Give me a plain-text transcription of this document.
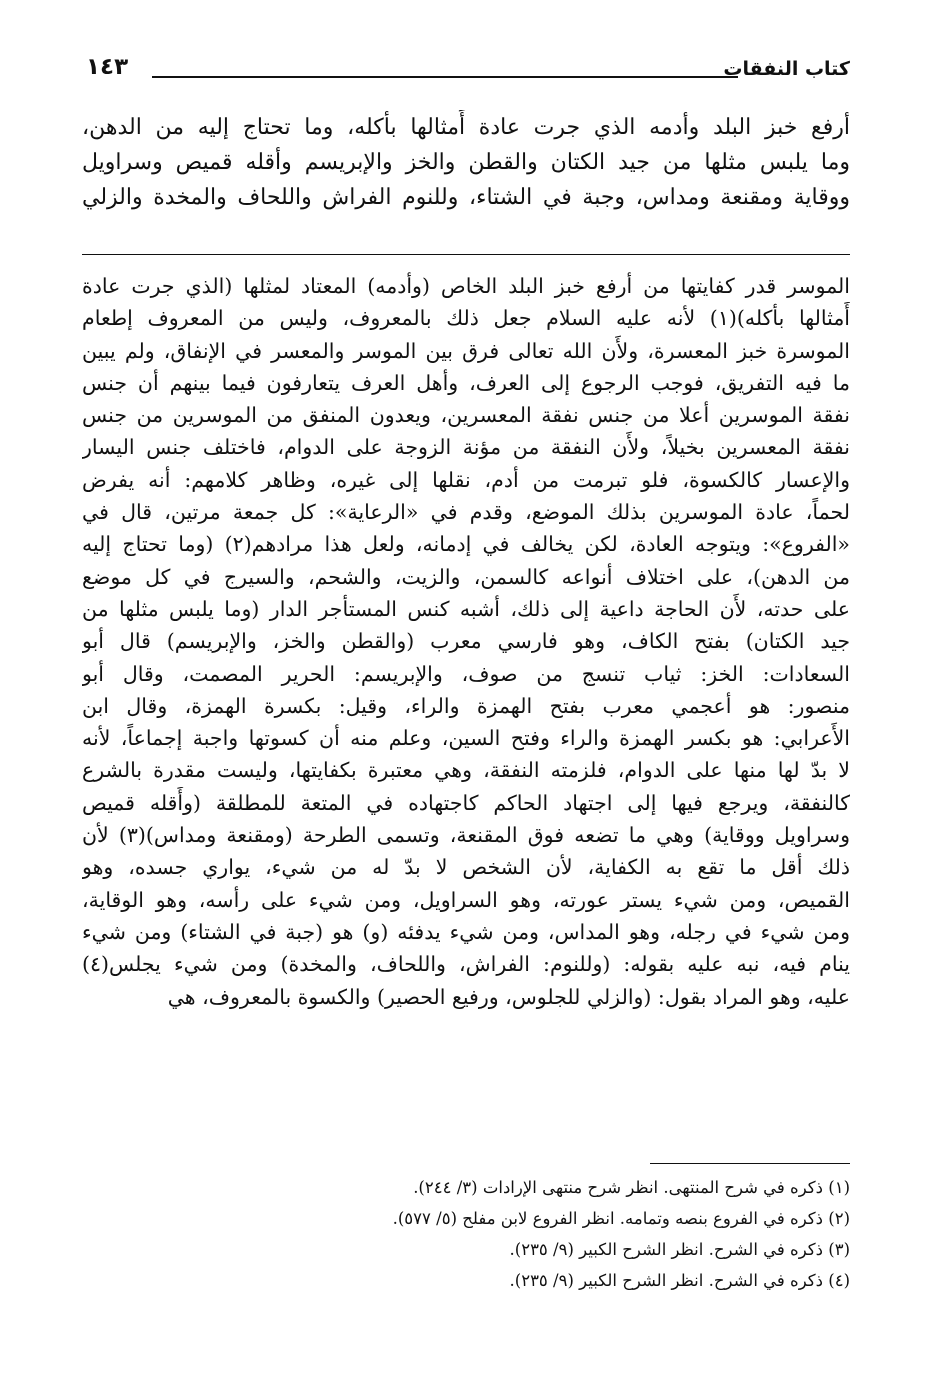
كتاب النفقات
١٤٣
أرفع خبز البلد وأدمه الذي جرت عادة أَمثالها بأكله، وما تحتاج إليه من الدهن،
وما يلبس مثلها من جيد الكتان والقطن والخز والإبريسم وأقله قميص وسراويل
ووقاية ومقنعة ومداس، وجبة في الشتاء، وللنوم الفراش واللحاف والمخدة والزلي
الموسر قدر كفايتها من أرفع خبز البلد الخاص (وأدمه) المعتاد لمثلها (الذي جرت عادة
أَمثالها بأكله)(١) لأنه عليه السلام جعل ذلك بالمعروف، وليس من المعروف إطعام
الموسرة خبز المعسرة، ولأَن الله تعالى فرق بين الموسر والمعسر في الإنفاق، ولم يبين
ما فيه التفريق، فوجب الرجوع إلى العرف، وأهل العرف يتعارفون فيما بينهم أن جنس
نفقة الموسرين أعلا من جنس نفقة المعسرين، ويعدون المنفق من الموسرين من جنس
نفقة المعسرين بخيلاً، ولأَن النفقة من مؤنة الزوجة على الدوام، فاختلف جنس اليسار
والإعسار كالكسوة، فلو تبرمت من أدم، نقلها إلى غيره، وظاهر كلامهم: أنه يفرض
لحماً، عادة الموسرين بذلك الموضع، وقدم في «الرعاية»: كل جمعة مرتين، قال في
«الفروع»: ويتوجه العادة، لكن يخالف في إدمانه، ولعل هذا مرادهم(٢) (وما تحتاج إليه
من الدهن)، على اختلاف أنواعه كالسمن، والزيت، والشحم، والسيرج في كل موضع
على حدته، لأَن الحاجة داعية إلى ذلك، أشبه كنس المستأجر الدار (وما يلبس مثلها من
جيد الكتان) بفتح الكاف، وهو فارسي معرب (والقطن والخز، والإبريسم) قال أبو
السعادات: الخز: ثياب تنسج من صوف، والإبريسم: الحرير المصمت، وقال أبو
منصور: هو أعجمي معرب بفتح الهمزة والراء، وقيل: بكسرة الهمزة، وقال ابن
الأَعرابي: هو بكسر الهمزة والراء وفتح السين، وعلم منه أن كسوتها واجبة إجماعاً، لأنه
لا بدّ لها منها على الدوام، فلزمته النفقة، وهي معتبرة بكفايتها، وليست مقدرة بالشرع
كالنفقة، ويرجع فيها إلى اجتهاد الحاكم كاجتهاده في المتعة للمطلقة (وأَقله قميص
وسراويل ووقاية) وهي ما تضعه فوق المقنعة، وتسمى الطرحة (ومقنعة ومداس)(٣) لأن
ذلك أقل ما تقع به الكفاية، لأن الشخص لا بدّ له من شيء، يواري جسده، وهو
القميص، ومن شيء يستر عورته، وهو السراويل، ومن شيء على رأسه، وهو الوقاية،
ومن شيء في رجله، وهو المداس، ومن شيء يدفئه (و) هو (جبة في الشتاء) ومن شيء
ينام فيه، نبه عليه بقوله: (وللنوم: الفراش، واللحاف، والمخدة) ومن شيء يجلس(٤)
عليه، وهو المراد بقول: (والزلي للجلوس، ورفيع الحصير) والكسوة بالمعروف، هي
(١) ذكره في شرح المنتهى. انظر شرح منتهى الإرادات (٣/ ٢٤٤).
(٢) ذكره في الفروع بنصه وتمامه. انظر الفروع لابن مفلح (٥/ ٥٧٧).
(٣) ذكره في الشرح. انظر الشرح الكبير (٩/ ٢٣٥).
(٤) ذكره في الشرح. انظر الشرح الكبير (٩/ ٢٣٥).
